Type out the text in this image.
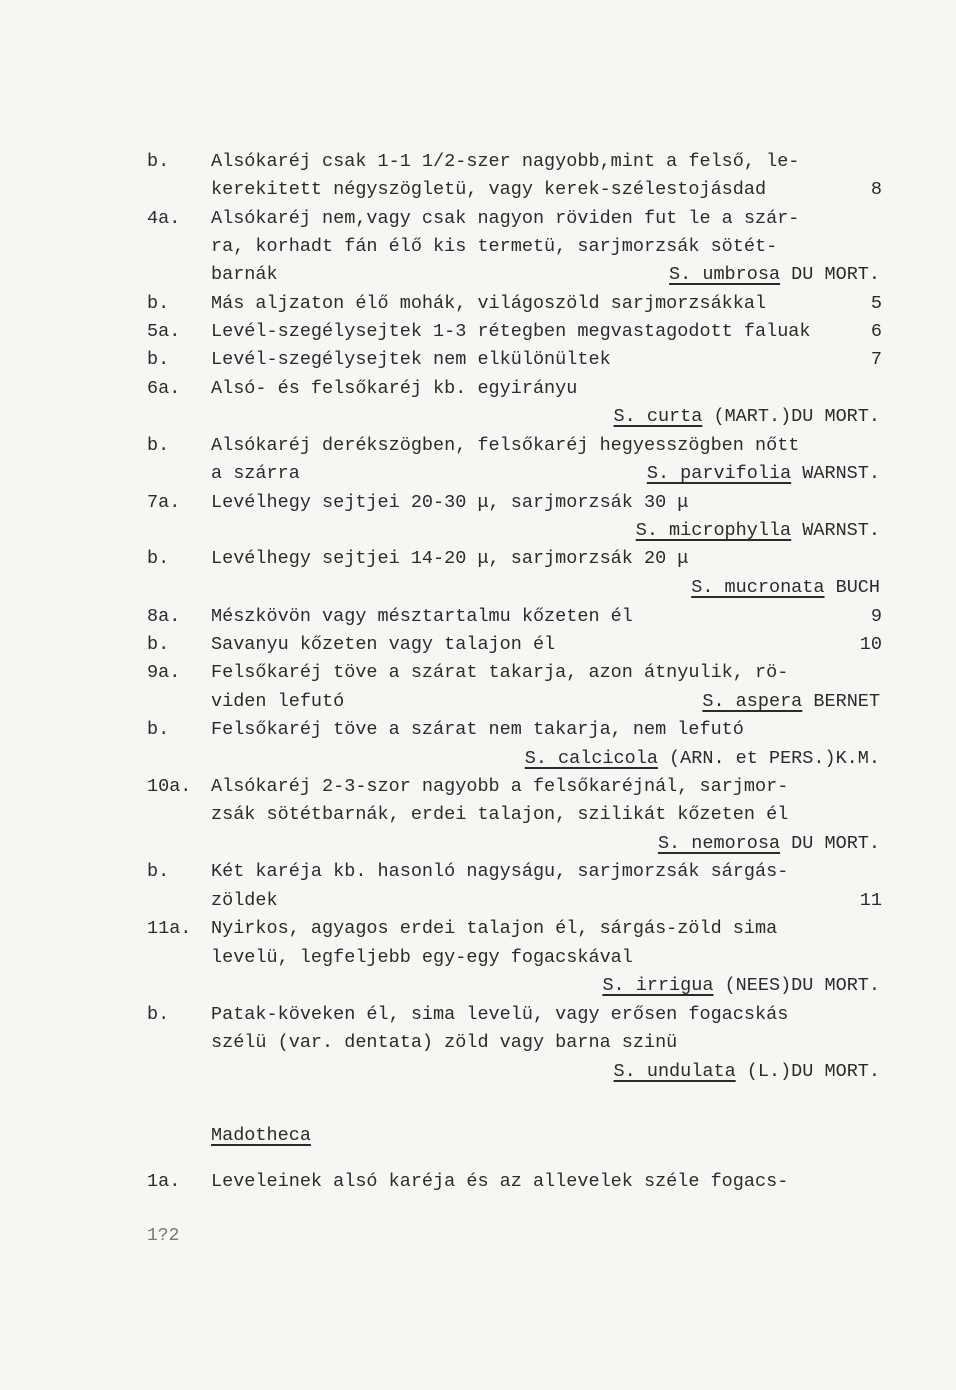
b. Alsókaréj csak 1-1 1/2-szer nagyobb,mint a felső, le-
kerekitett négyszögletü, vagy kerek-szélestojásdad	8
4a. Alsókaréj nem,vagy csak nagyon röviden fut le a szár-
ra, korhadt fán élő kis termetü, sarjmorzsák sötét-
barnák	S. umbrosa DU MORT.
b. Más aljzaton élő mohák, világoszöld sarjmorzsákkal	5
5a. Levél-szegélysejtek 1-3 rétegben megvastagodott faluak	6
b. Levél-szegélysejtek nem elkülönültek	7
6a. Alsó- és felsőkaréj kb. egyirányu
S. curta (MART.)DU MORT.
b. Alsókaréj derékszögben, felsőkaréj hegyesszögben nőtt
a szárra	S. parvifolia WARNST.
7a. Levélhegy sejtjei 20-30 μ, sarjmorzsák 30 μ
S. microphylla WARNST.
b. Levélhegy sejtjei 14-20 μ, sarjmorzsák 20 μ
S. mucronata BUCH
8a. Mészkövön vagy mésztartalmu kőzeten él	9
b. Savanyu kőzeten vagy talajon él	10
9a. Felsőkaréj töve a szárat takarja, azon átnyulik, rö-
viden lefutó	S. aspera BERNET
b. Felsőkaréj töve a szárat nem takarja, nem lefutó
S. calcicola (ARN. et PERS.)K.M.
10a. Alsókaréj 2-3-szor nagyobb a felsőkaréjnál, sarjmor-
zsák sötétbarnák, erdei talajon, szilikát kőzeten él
S. nemorosa DU MORT.
b. Két karéja kb. hasonló nagyságu, sarjmorzsák sárgás-
zöldek	11
11a. Nyirkos, agyagos erdei talajon él, sárgás-zöld sima
levelü, legfeljebb egy-egy fogacskával
S. irrigua (NEES)DU MORT.
b. Patak-köveken él, sima levelü, vagy erősen fogacskás
szélü (var. dentata) zöld vagy barna szinü
S. undulata (L.)DU MORT.
Madotheca
1a. Leveleinek alsó karéja és az allevelek széle fogacs-
1?2
